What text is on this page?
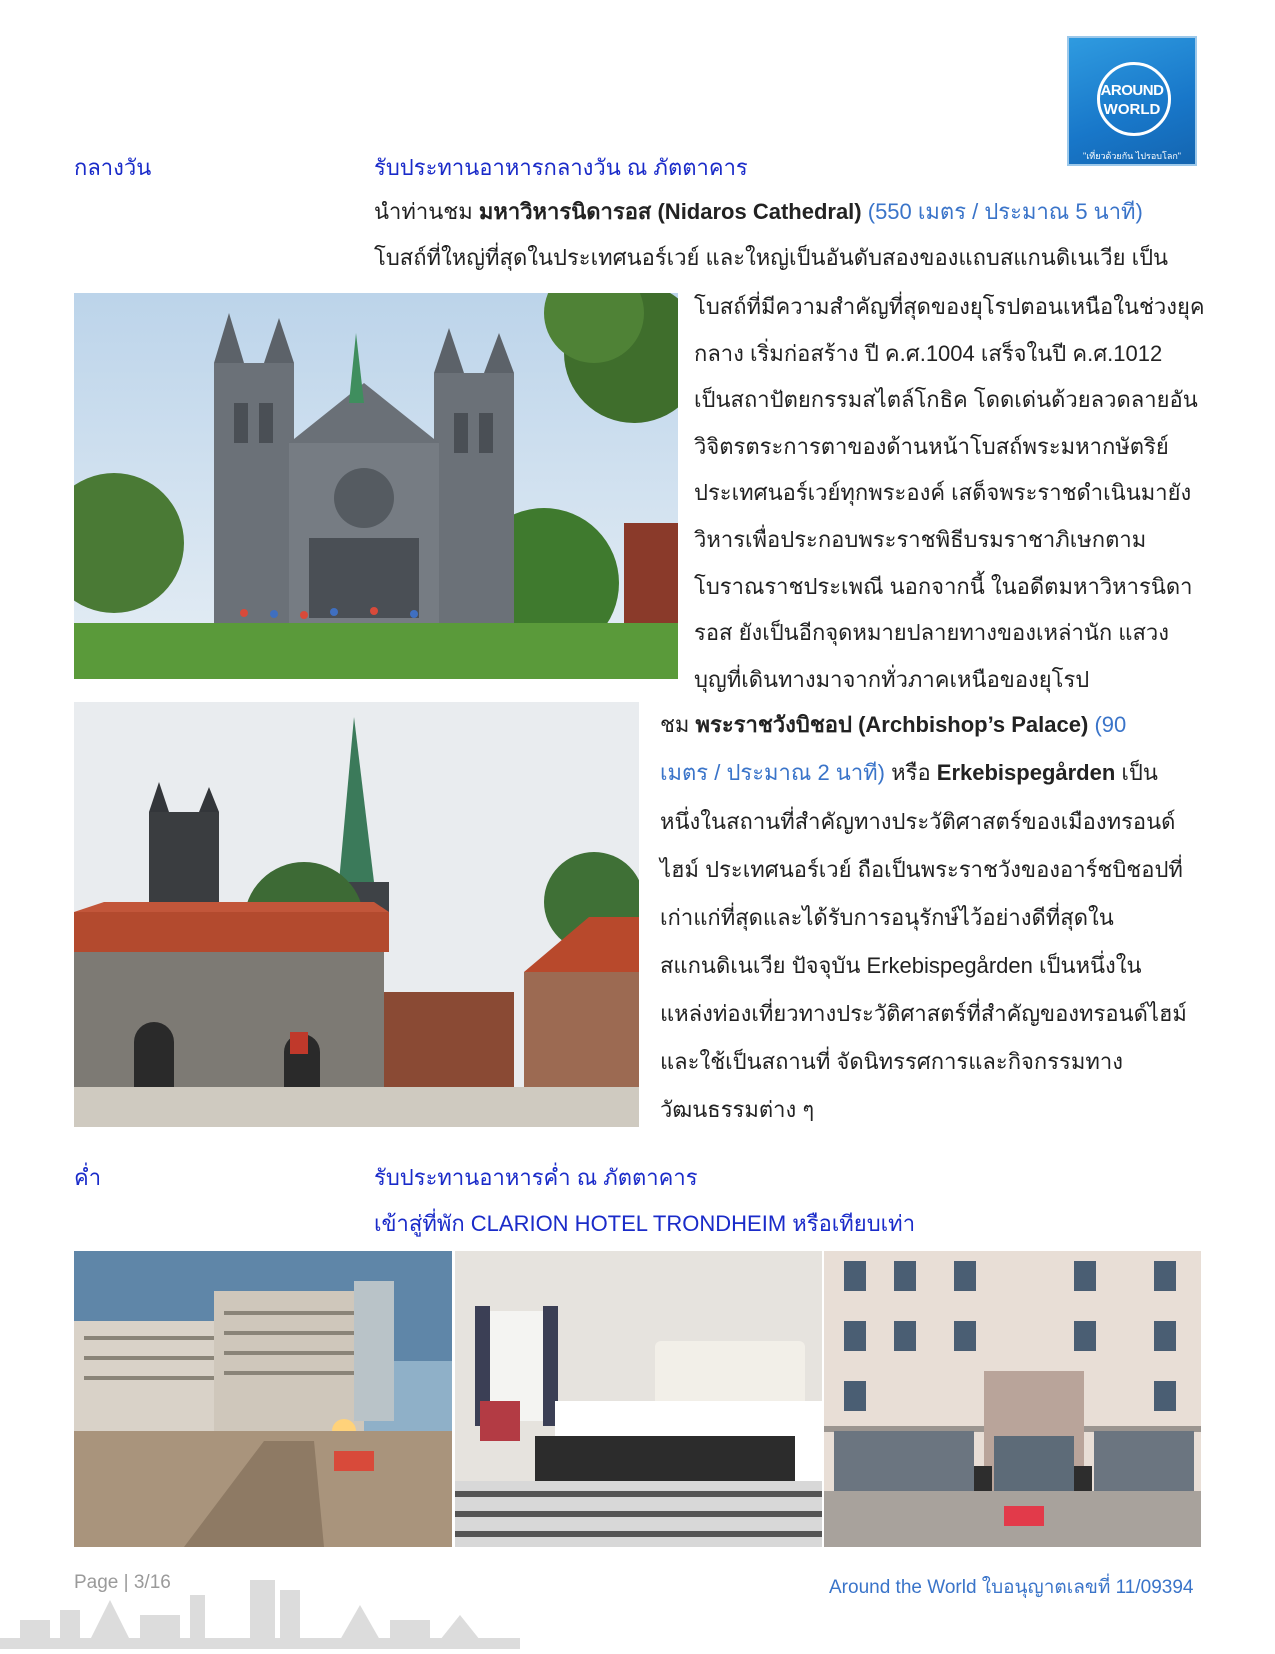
AROUND
WORLD
"เที่ยวด้วยกัน ไปรอบโลก"
กลางวัน	รับประทานอาหารกลางวัน ณ ภัตตาคาร
นำท่านชม มหาวิหารนิดารอส (Nidaros Cathedral) (550 เมตร / ประมาณ 5 นาที)
โบสถ์ที่ใหญ่ที่สุดในประเทศนอร์เวย์ และใหญ่เป็นอันดับสองของแถบสแกนดิเนเวีย เป็น
โบสถ์ที่มีความสำคัญที่สุดของยุโรปตอนเหนือในช่วงยุค
กลาง เริ่มก่อสร้าง ปี ค.ศ.1004 เสร็จในปี ค.ศ.1012
เป็นสถาปัตยกรรมสไตล์โกธิค โดดเด่นด้วยลวดลายอัน
วิจิตรตระการตาของด้านหน้าโบสถ์พระมหากษัตริย์
ประเทศนอร์เวย์ทุกพระองค์ เสด็จพระราชดำเนินมายัง
วิหารเพื่อประกอบพระราชพิธีบรมราชาภิเษกตาม
โบราณราชประเพณี นอกจากนี้ ในอดีตมหาวิหารนิดา
รอส ยังเป็นอีกจุดหมายปลายทางของเหล่านัก แสวง
บุญที่เดินทางมาจากทั่วภาคเหนือของยุโรป
ชม พระราชวังบิชอป (Archbishop’s Palace) (90
เมตร / ประมาณ 2 นาที) หรือ Erkebispegården เป็น
หนึ่งในสถานที่สำคัญทางประวัติศาสตร์ของเมืองทรอนด์
ไฮม์ ประเทศนอร์เวย์ ถือเป็นพระราชวังของอาร์ชบิชอปที่
เก่าแก่ที่สุดและได้รับการอนุรักษ์ไว้อย่างดีที่สุดใน
สแกนดิเนเวีย ปัจจุบัน Erkebispegården เป็นหนึ่งใน
แหล่งท่องเที่ยวทางประวัติศาสตร์ที่สำคัญของทรอนด์ไฮม์
และใช้เป็นสถานที่ จัดนิทรรศการและกิจกรรมทาง
วัฒนธรรมต่าง ๆ
ค่ำ	รับประทานอาหารค่ำ ณ ภัตตาคาร
เข้าสู่ที่พัก CLARION HOTEL TRONDHEIM หรือเทียบเท่า
Page | 3/16	Around the World ใบอนุญาตเลขที่ 11/09394
